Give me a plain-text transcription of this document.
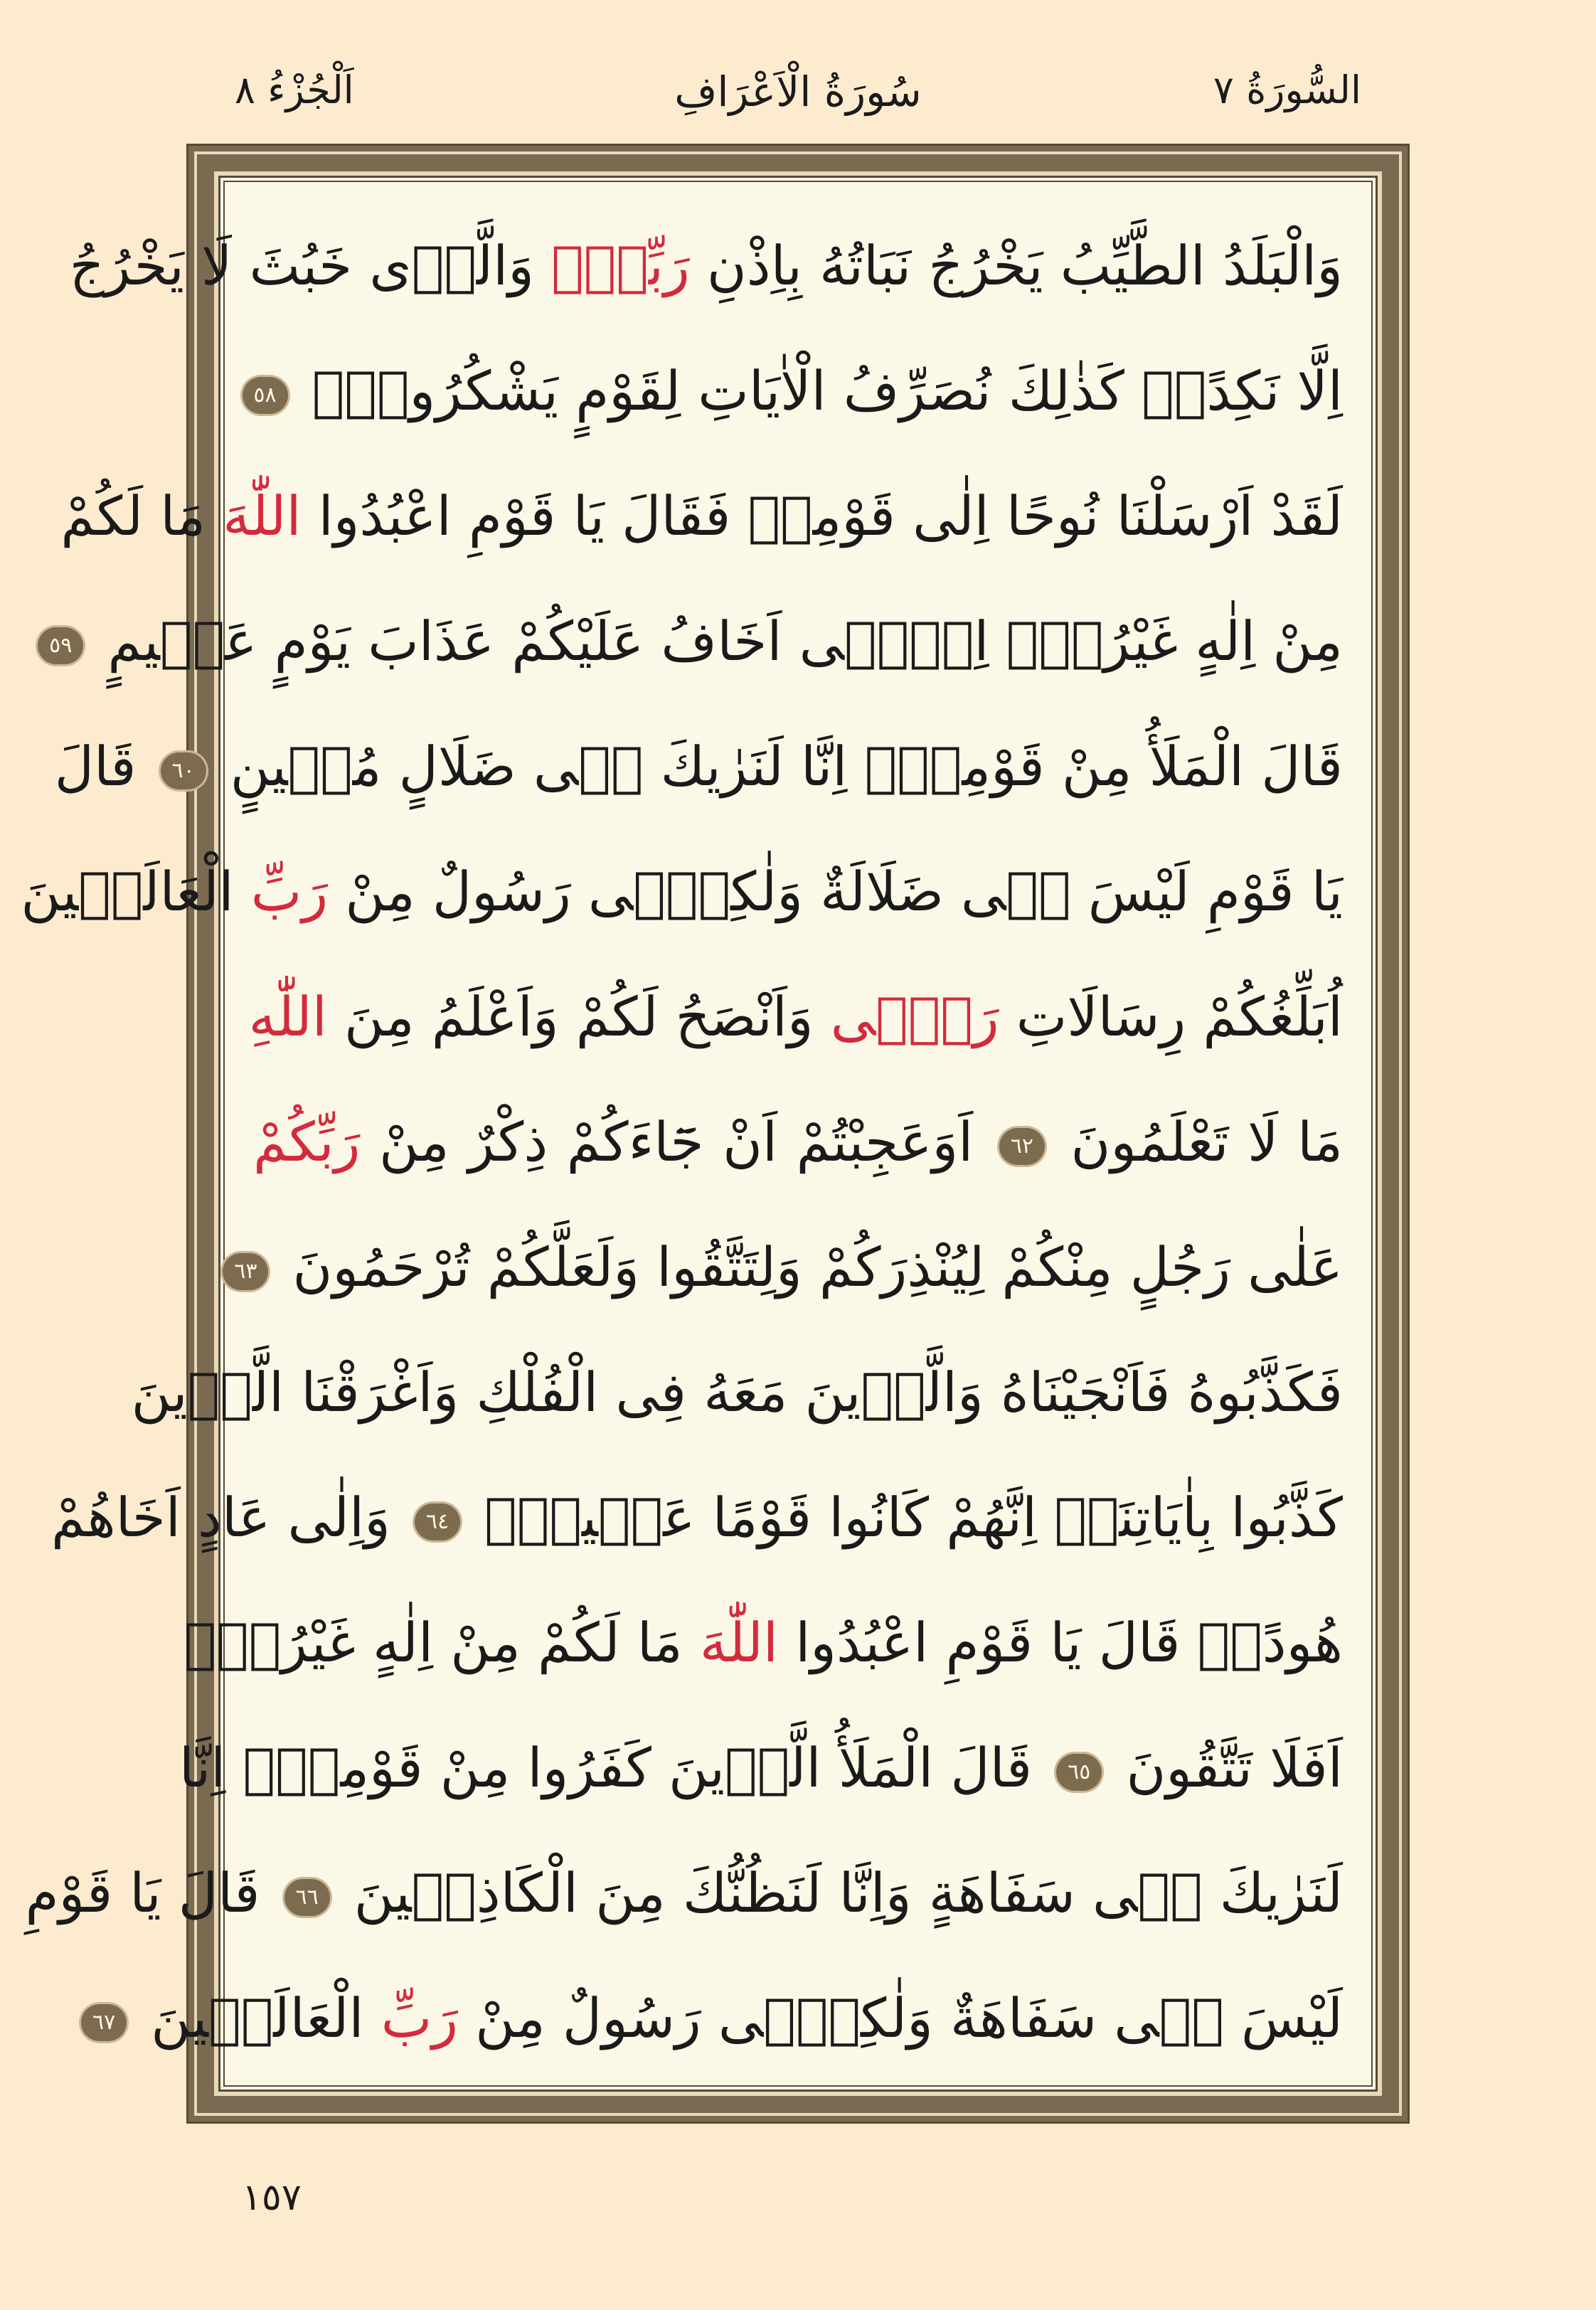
السُّورَةُ ٧
سُورَةُ الْاَعْرَافِ
اَلْجُزْءُ ٨
وَالْبَلَدُ الطَّيِّبُ يَخْرُجُ نَبَاتُهُ بِاِذْنِ رَبِّهٖۚ وَالَّذ۪ى خَبُثَ لَا يَخْرُجُ
اِلَّا نَكِدًاۜ كَذٰلِكَ نُصَرِّفُ الْاٰيَاتِ لِقَوْمٍ يَشْكُرُونَ۟ ٥٨
لَقَدْ اَرْسَلْنَا نُوحًا اِلٰى قَوْمِه۪ فَقَالَ يَا قَوْمِ اعْبُدُوا اللّٰهَ مَا لَكُمْ
مِنْ اِلٰهٍ غَيْرُهُۜ اِنّ۪ٓى اَخَافُ عَلَيْكُمْ عَذَابَ يَوْمٍ عَظ۪يمٍ ٥٩
قَالَ الْمَلَأُ مِنْ قَوْمِه۪ٓ اِنَّا لَنَرٰيكَ ف۪ى ضَلَالٍ مُب۪ينٍ ٦٠ قَالَ
يَا قَوْمِ لَيْسَ ب۪ى ضَلَالَةٌ وَلٰكِنّ۪ى رَسُولٌ مِنْ رَبِّ الْعَالَم۪ينَ
اُبَلِّغُكُمْ رِسَالَاتِ رَبّ۪ى وَاَنْصَحُ لَكُمْ وَاَعْلَمُ مِنَ اللّٰهِ
مَا لَا تَعْلَمُونَ ٦٢ اَوَعَجِبْتُمْ اَنْ جَٓاءَكُمْ ذِكْرٌ مِنْ رَبِّكُمْ
عَلٰى رَجُلٍ مِنْكُمْ لِيُنْذِرَكُمْ وَلِتَتَّقُوا وَلَعَلَّكُمْ تُرْحَمُونَ ٦٣
فَكَذَّبُوهُ فَاَنْجَيْنَاهُ وَالَّذ۪ينَ مَعَهُ فِى الْفُلْكِ وَاَغْرَقْنَا الَّذ۪ينَ
كَذَّبُوا بِاٰيَاتِنَاۜ اِنَّهُمْ كَانُوا قَوْمًا عَم۪ينَ۟ ٦٤ وَاِلٰى عَادٍ اَخَاهُمْ
هُودًاۜ قَالَ يَا قَوْمِ اعْبُدُوا اللّٰهَ مَا لَكُمْ مِنْ اِلٰهٍ غَيْرُهُۜ
اَفَلَا تَتَّقُونَ ٦٥ قَالَ الْمَلَأُ الَّذ۪ينَ كَفَرُوا مِنْ قَوْمِه۪ٓ اِنَّا
لَنَرٰيكَ ف۪ى سَفَاهَةٍ وَاِنَّا لَنَظُنُّكَ مِنَ الْكَاذِب۪ينَ ٦٦ قَالَ يَا قَوْمِ
لَيْسَ ب۪ى سَفَاهَةٌ وَلٰكِنّ۪ى رَسُولٌ مِنْ رَبِّ الْعَالَم۪ينَ ٦٧
١٥٧
